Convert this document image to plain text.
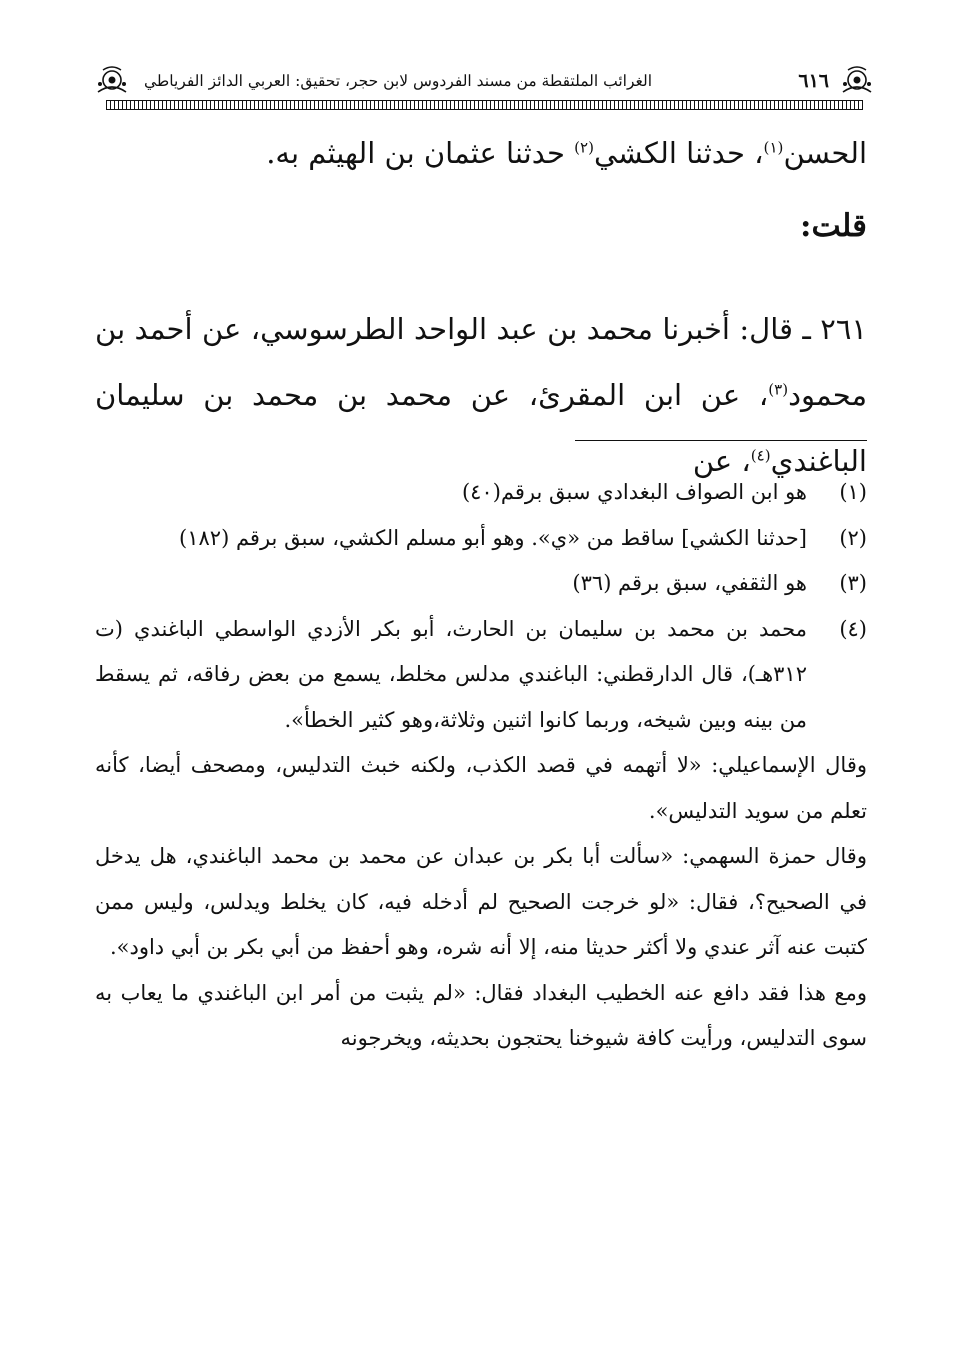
٦١٦
الغرائب الملتقطة من مسند الفردوس لابن حجر، تحقيق: العربي الدائز الفرياطي
الحسن$^{(١)}$، حدثنا الكشي$^{(٢)}$ حدثنا عثمان بن الهيثم به.
قلت:
٢٦١ ـ قال: أخبرنا محمد بن عبد الواحد الطرسوسي، عن أحمد بن محمود$^{(٣)}$، عن ابن المقرئ، عن محمد بن محمد بن سليمان الباغندي$^{(٤)}$، عن
(١)
هو ابن الصواف البغدادي سبق برقم(٤٠)
(٢)
[حدثنا الكشي] ساقط من «ي». وهو أبو مسلم الكشي، سبق برقم (١٨٢)
(٣)
هو الثقفي، سبق برقم (٣٦)
(٤)
محمد بن محمد بن سليمان بن الحارث، أبو بكر الأزدي الواسطي الباغندي (ت ٣١٢هـ)، قال الدارقطني: الباغندي مدلس مخلط، يسمع من بعض رفاقه، ثم يسقط من بينه وبين شيخه، وربما كانوا اثنين وثلاثة،وهو كثير الخطأ».
وقال الإسماعيلي: «لا أتهمه في قصد الكذب، ولكنه خبث التدليس، ومصحف أيضا، كأنه تعلم من سويد التدليس».
وقال حمزة السهمي: «سألت أبا بكر بن عبدان عن محمد بن محمد الباغندي، هل يدخل في الصحيح؟، فقال: «لو خرجت الصحيح لم أدخله فيه، كان يخلط ويدلس، وليس ممن كتبت عنه آثر عندي ولا أكثر حديثا منه، إلا أنه شره، وهو أحفظ من أبي بكر بن أبي داود».
ومع هذا فقد دافع عنه الخطيب البغداد فقال: «لم يثبت من أمر ابن الباغندي ما يعاب به سوى التدليس، ورأيت كافة شيوخنا يحتجون بحديثه، ويخرجونه
